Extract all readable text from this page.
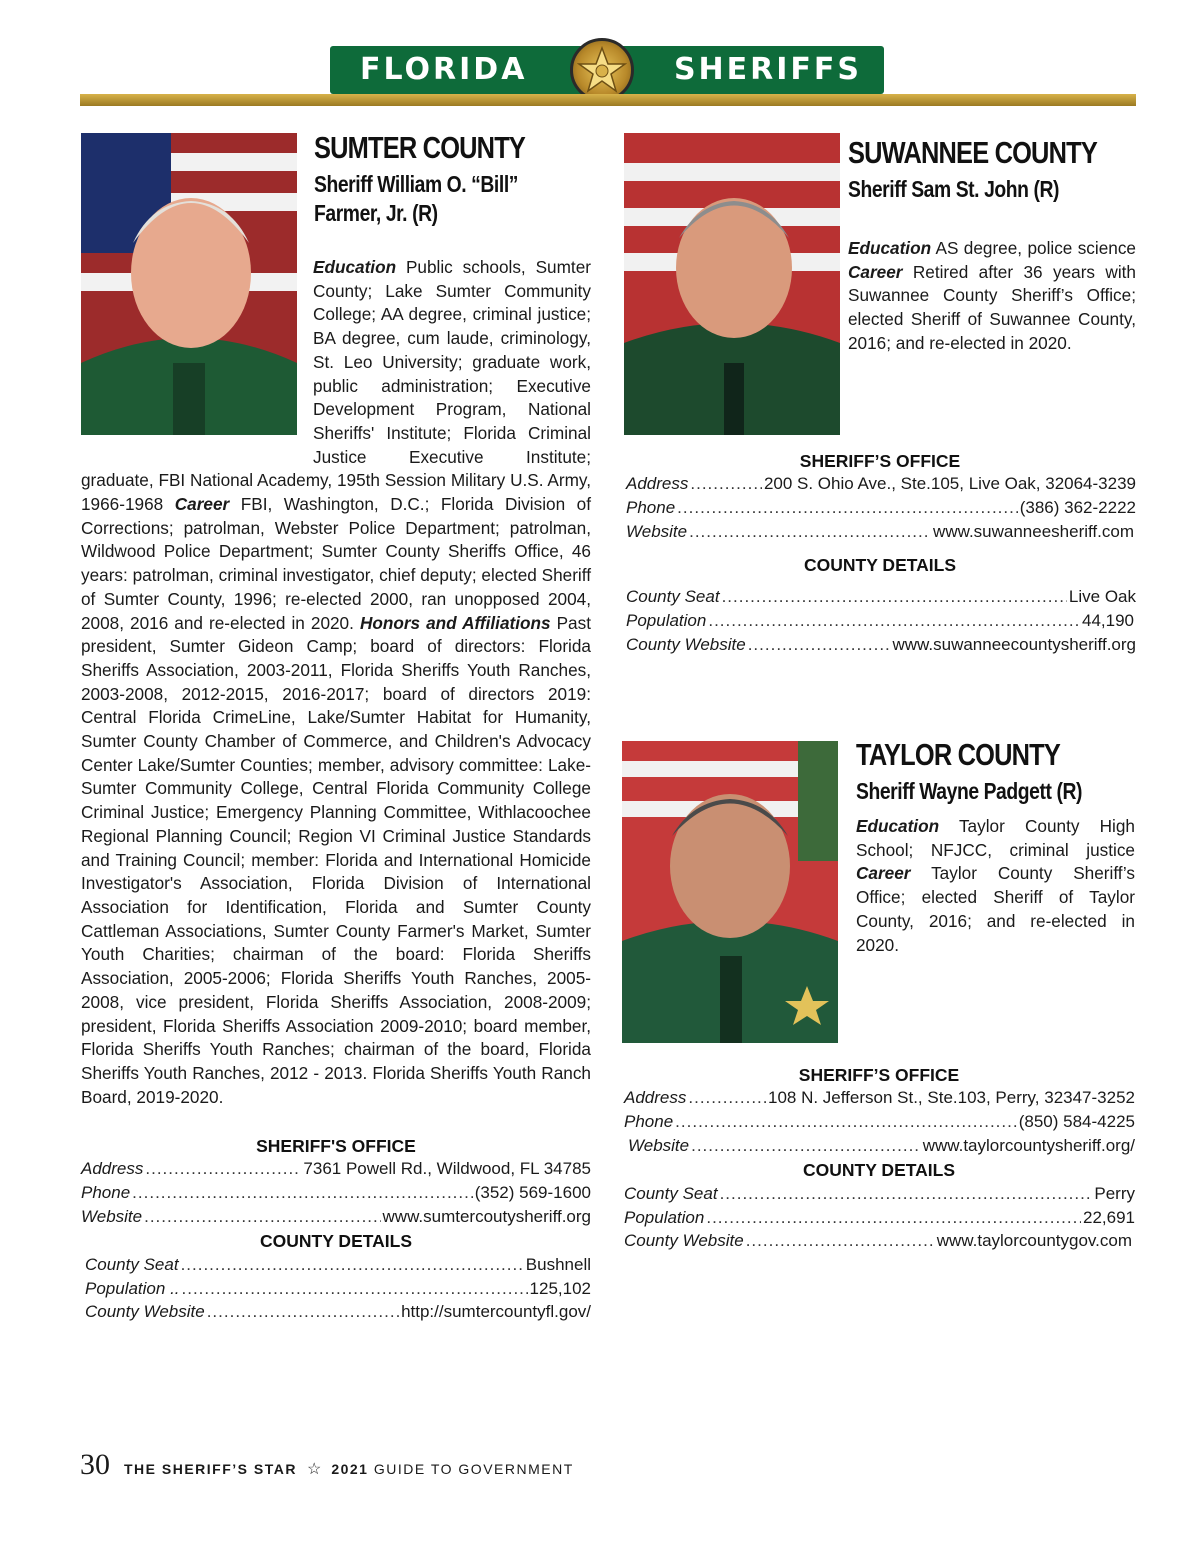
FLORIDA	SHERIFFS
SUMTER COUNTY
Sheriff William O. “Bill”
Farmer, Jr. (R)
Education Public schools, Sumter County; Lake Sumter Community College; AA degree, criminal justice; BA degree, cum laude, criminology, St. Leo University; graduate work, public administration; Executive Development Program, National Sheriffs' Institute; Florida Criminal Justice Executive Institute; graduate, FBI National Academy, 195th Session Military U.S. Army, 1966-1968 Career FBI, Washington, D.C.; Florida Division of Corrections; patrolman, Webster Police Department; patrolman, Wildwood Police Department; Sumter County Sheriffs Office, 46 years: patrolman, criminal investigator, chief deputy; elected Sheriff of Sumter County, 1996; re-elected 2000, ran unopposed 2004, 2008, 2016 and re-elected in 2020. Honors and Affiliations Past president, Sumter Gideon Camp; board of directors: Florida Sheriffs Association, 2003-2011, Florida Sheriffs Youth Ranches, 2003-2008, 2012-2015, 2016-2017; board of directors 2019: Central Florida CrimeLine, Lake/Sumter Habitat for Humanity, Sumter County Chamber of Commerce, and Children's Advocacy Center Lake/Sumter Counties; member, advisory committee: Lake-Sumter Community College, Central Florida Community College Criminal Justice; Emergency Planning Committee, Withlacoochee Regional Planning Council; Region VI Criminal Justice Standards and Training Council; member: Florida and International Homicide Investigator's Association, Florida Division of International Association for Identification, Florida and Sumter County Cattleman Associations, Sumter County Farmer's Market, Sumter Youth Charities; chairman of the board: Florida Sheriffs Association, 2005-2006; Florida Sheriffs Youth Ranches, 2005-2008, vice president, Florida Sheriffs Association, 2008-2009; president, Florida Sheriffs Association 2009-2010; board member, Florida Sheriffs Youth Ranches; chairman of the board, Florida Sheriffs Youth Ranches, 2012 - 2013. Florida Sheriffs Youth Ranch Board, 2019-2020.
SHERIFF'S OFFICE
Address .....	7361 Powell Rd., Wildwood, FL 34785
Phone .....	(352) 569-1600
Website .....	www.sumtercoutysheriff.org
COUNTY DETAILS
County Seat .....	Bushnell
Population .. .....	125,102
County Website .....	http://sumtercountyfl.gov/
SUWANNEE COUNTY
Sheriff Sam St. John (R)
Education AS degree, police science Career Retired after 36 years with Suwannee County Sheriff’s Office; elected Sheriff of Suwannee County, 2016; and re-elected in 2020.
SHERIFF’S OFFICE
Address .....	200 S. Ohio Ave., Ste.105, Live Oak, 32064-3239
Phone .....	(386) 362-2222
Website .....	www.suwanneesheriff.com
COUNTY DETAILS
County Seat .....	Live Oak
Population .....	44,190
County Website .....	www.suwanneecountysheriff.org
TAYLOR COUNTY
Sheriff Wayne Padgett (R)
Education Taylor County High School; NFJCC, criminal justice Career Taylor County Sheriff’s Office; elected Sheriff of Taylor County, 2016; and re-elected in 2020.
SHERIFF’S OFFICE
Address .....	108 N. Jefferson St., Ste.103, Perry, 32347-3252
Phone .....	(850) 584-4225
Website .....	www.taylorcountysheriff.org/
COUNTY DETAILS
County Seat .....	Perry
Population .....	22,691
County Website .....	www.taylorcountygov.com
30 THE SHERIFF’S STAR ☆ 2021 GUIDE TO GOVERNMENT
